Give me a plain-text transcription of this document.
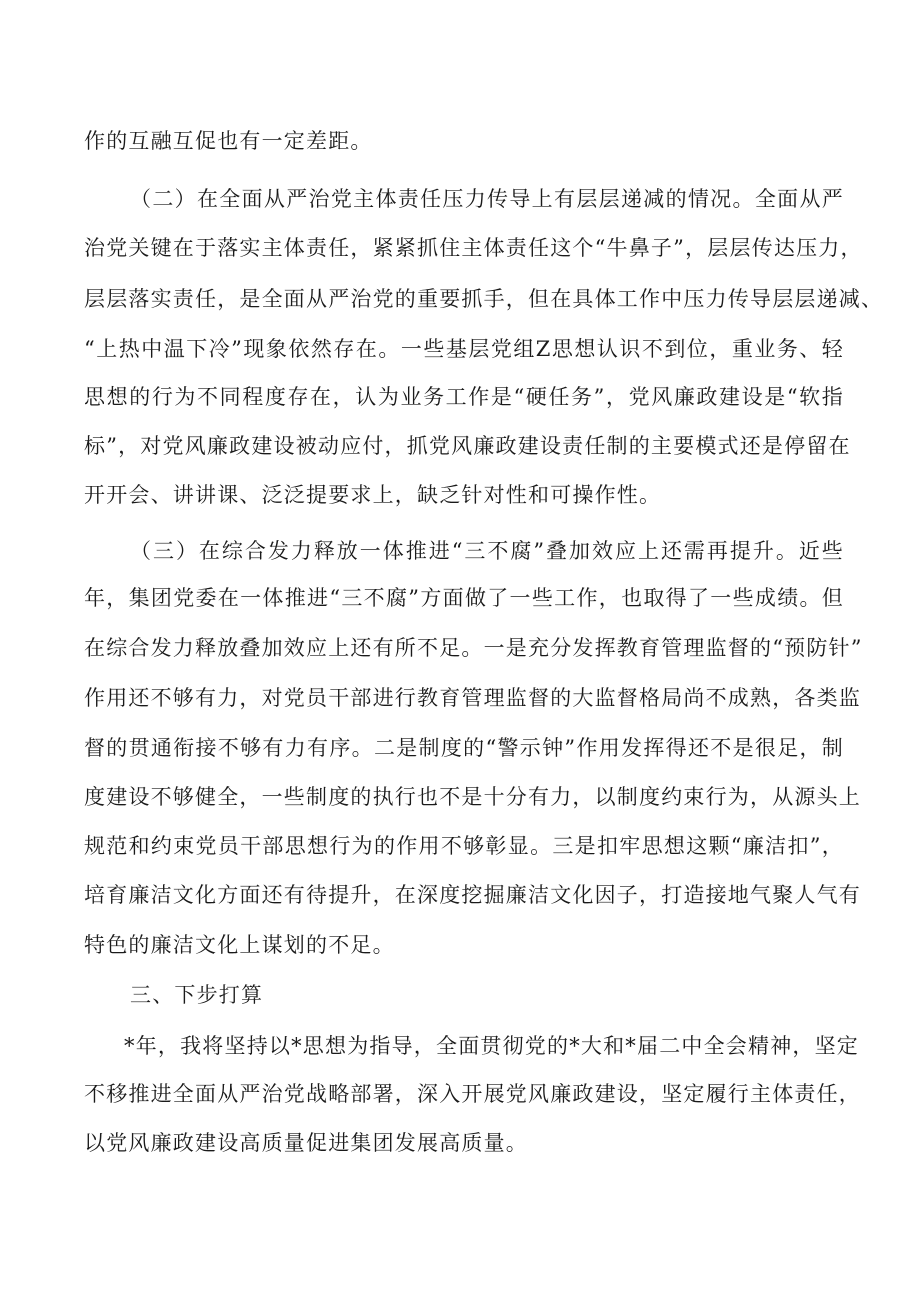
作的互融互促也有一定差距。
（二）在全面从严治党主体责任压力传导上有层层递减的情况。全面从严
治党关键在于落实主体责任，紧紧抓住主体责任这个“牛鼻子”，层层传达压力，
层层落实责任，是全面从严治党的重要抓手，但在具体工作中压力传导层层递减、
“上热中温下冷”现象依然存在。一些基层党组Z思想认识不到位，重业务、轻
思想的行为不同程度存在，认为业务工作是“硬任务”，党风廉政建设是“软指
标”，对党风廉政建设被动应付，抓党风廉政建设责任制的主要模式还是停留在
开开会、讲讲课、泛泛提要求上，缺乏针对性和可操作性。
（三）在综合发力释放一体推进“三不腐”叠加效应上还需再提升。近些
年，集团党委在一体推进“三不腐”方面做了一些工作，也取得了一些成绩。但
在综合发力释放叠加效应上还有所不足。一是充分发挥教育管理监督的“预防针”
作用还不够有力，对党员干部进行教育管理监督的大监督格局尚不成熟，各类监
督的贯通衔接不够有力有序。二是制度的“警示钟”作用发挥得还不是很足，制
度建设不够健全，一些制度的执行也不是十分有力，以制度约束行为，从源头上
规范和约束党员干部思想行为的作用不够彰显。三是扣牢思想这颗“廉洁扣”，
培育廉洁文化方面还有待提升，在深度挖掘廉洁文化因子，打造接地气聚人气有
特色的廉洁文化上谋划的不足。
三、下步打算
*年，我将坚持以*思想为指导，全面贯彻党的*大和*届二中全会精神，坚定
不移推进全面从严治党战略部署，深入开展党风廉政建设，坚定履行主体责任，
以党风廉政建设高质量促进集团发展高质量。
